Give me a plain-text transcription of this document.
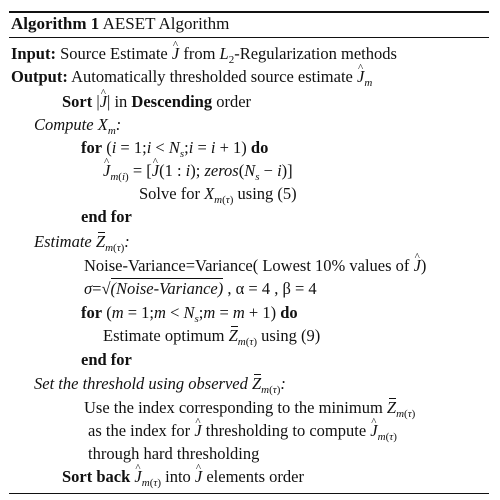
Algorithm 1 AESET Algorithm
Input: Source Estimate ^ J from $L_2$-Regularization methods
Output: Automatically thresholded source estimate ^ $J_m$
Sort |^ J| in Descending order
Compute $X_m$:
for (i = 1;i < $N_s;i = i + 1$) do
^ $J_{m(i)}$ = [^ J(1 : i); $zeros(N_s - i)$]
Solve for $X_{m(\tau)}$ using (5)
end for
Estimate $Z_{m(\tau)}$:
Noise-Variance=Variance( Lowest 10% values of ^ J)
σ=√(Noise-Variance) , α = 4 , β = 4
for (m = 1;m < $N_s;m = m + 1$) do
Estimate optimum $Z_{m(\tau)}$ using (9)
end for
Set the threshold using observed $Z_{m(\tau)}$:
Use the index corresponding to the minimum $Z_{m(\tau)}$
as the index for ^ J thresholding to compute ^ $J_{m(\tau)}$
through hard thresholding
Sort back ^ $J_{m(\tau)}$ into ^ J elements order
